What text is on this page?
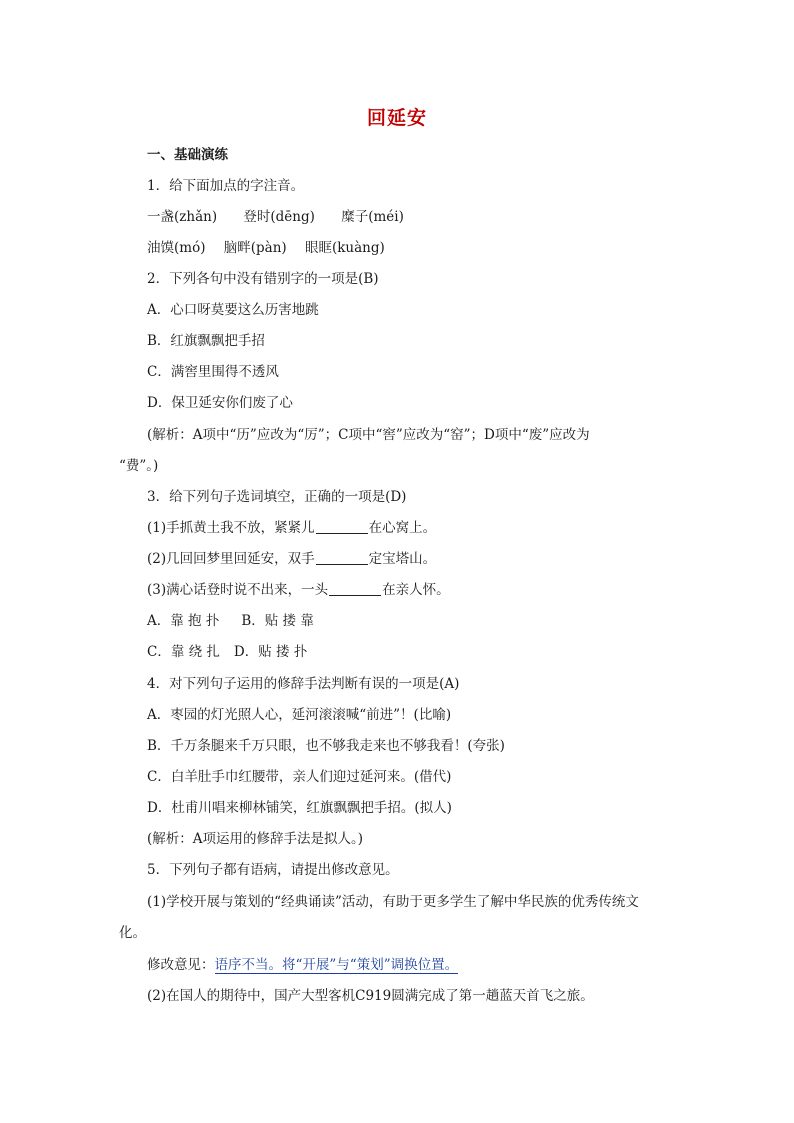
回延安
一、基础演练
1．给下面加点的字注音。
一盏(zhǎn) 登时(dēng) 糜子(méi)
油馍(mó) 脑畔(pàn) 眼眶(kuàng)
2．下列各句中没有错别字的一项是(B)
A．心口呀莫要这么历害地跳
B．红旗飘飘把手招
C．满窖里围得不透风
D．保卫延安你们废了心
(解析：A项中“历”应改为“厉”；C项中“窖”应改为“窑”；D项中“废”应改为
“费”。)
3．给下列句子选词填空，正确的一项是(D)
(1)手抓黄土我不放，紧紧儿	在心窝上。
(2)几回回梦里回延安，双手	定宝塔山。
(3)满心话登时说不出来，一头	在亲人怀。
A．靠 抱 扑 B．贴 搂 靠
C．靠 绕 扎 D．贴 搂 扑
4．对下列句子运用的修辞手法判断有误的一项是(A)
A．枣园的灯光照人心，延河滚滚喊“前进”！(比喻)
B．千万条腿来千万只眼，也不够我走来也不够我看！(夸张)
C．白羊肚手巾红腰带，亲人们迎过延河来。(借代)
D．杜甫川唱来柳林铺笑，红旗飘飘把手招。(拟人)
(解析：A项运用的修辞手法是拟人。)
5．下列句子都有语病，请提出修改意见。
(1)学校开展与策划的“经典诵读”活动，有助于更多学生了解中华民族的优秀传统文
化。
修改意见：语序不当。将“开展”与“策划”调换位置。
(2)在国人的期待中，国产大型客机C919圆满完成了第一趟蓝天首飞之旅。
